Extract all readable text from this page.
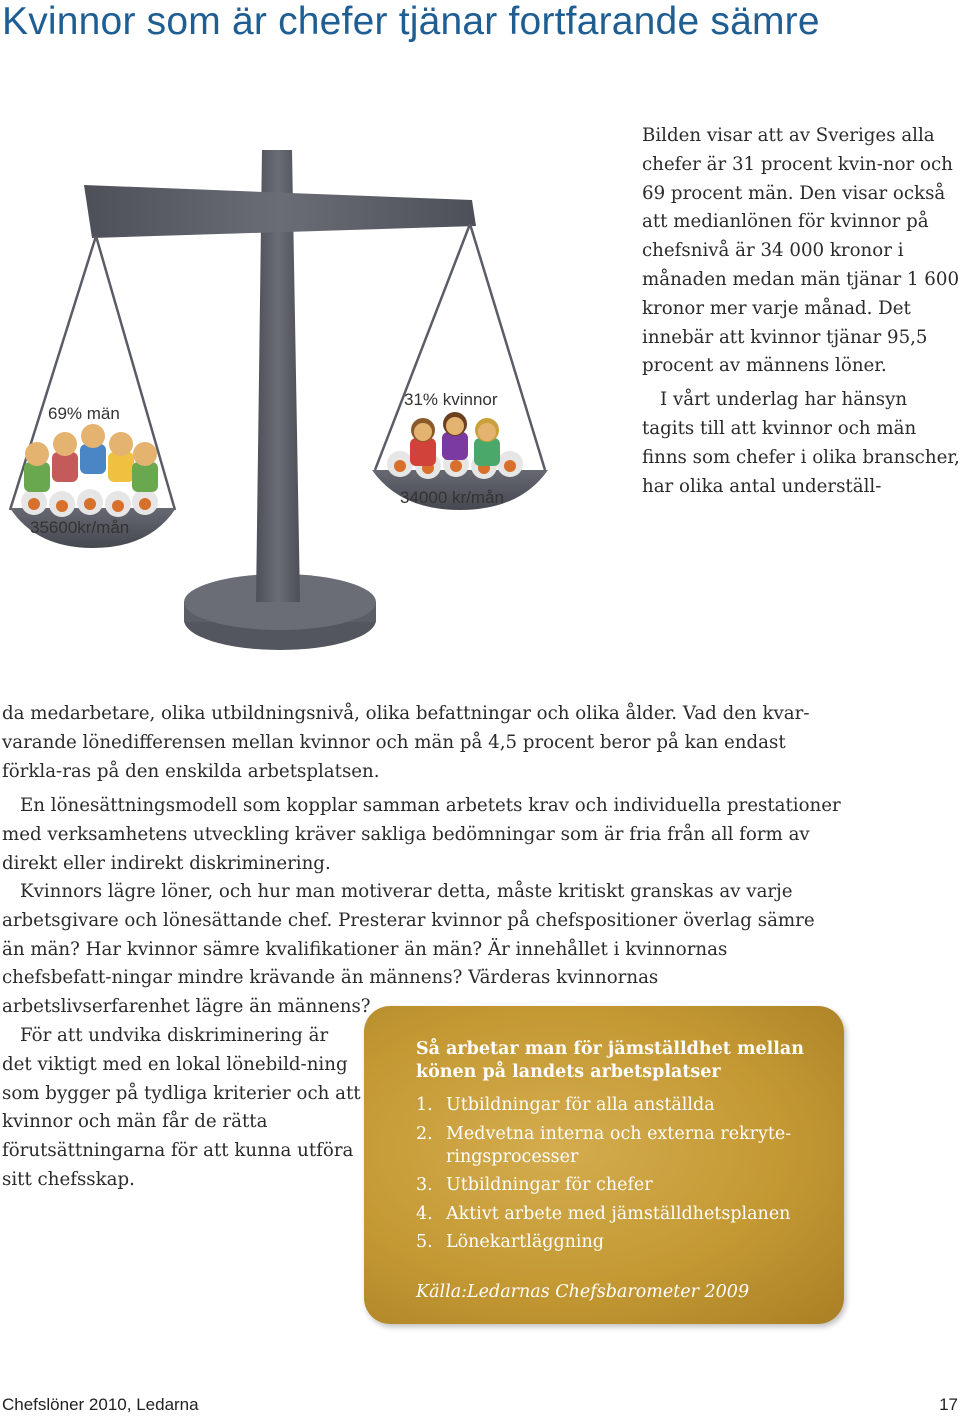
Kvinnor som är chefer tjänar fortfarande sämre
69% män
35600kr/mån
31% kvinnor
34000 kr/mån

Bilden visar att av Sveriges alla chefer är 31 procent kvin-nor och 69 procent män. Den visar också att medianlönen för kvinnor på chefsnivå är 34 000 kronor i månaden medan män tjänar 1 600 kronor mer varje månad. Det innebär att kvinnor tjänar 95,5 procent av männens löner.

I vårt underlag har hänsyn tagits till att kvinnor och män finns som chefer i olika branscher, har olika antal underställ-

da medarbetare, olika utbildningsnivå, olika befattningar och olika ålder. Vad den kvar-varande lönedifferensen mellan kvinnor och män på 4,5 procent beror på kan endast förkla-ras på den enskilda arbetsplatsen.

En lönesättningsmodell som kopplar samman arbetets krav och individuella prestationer med verksamhetens utveckling kräver sakliga bedömningar som är fria från all form av direkt eller indirekt diskriminering.

Kvinnors lägre löner, och hur man motiverar detta, måste kritiskt granskas av varje arbetsgivare och lönesättande chef. Presterar kvinnor på chefspositioner överlag sämre än män? Har kvinnor sämre kvalifikationer än män? Är innehållet i kvinnornas chefsbefatt-ningar mindre krävande än männens? Värderas kvinnornas arbetslivserfarenhet lägre än männens?

För att undvika diskriminering är det viktigt med en lokal lönebild-ning som bygger på tydliga kriterier och att kvinnor och män får de rätta förutsättningarna för att kunna utföra sitt chefsskap.

Så arbetar man för jämställdhet mellan könen på landets arbetsplatser
1. Utbildningar för alla anställda
2. Medvetna interna och externa rekryte-ringsprocesser
3. Utbildningar för chefer
4. Aktivt arbete med jämställdhetsplanen
5. Lönekartläggning
Källa:Ledarnas Chefsbarometer 2009
Chefslöner 2010, Ledarna	17
